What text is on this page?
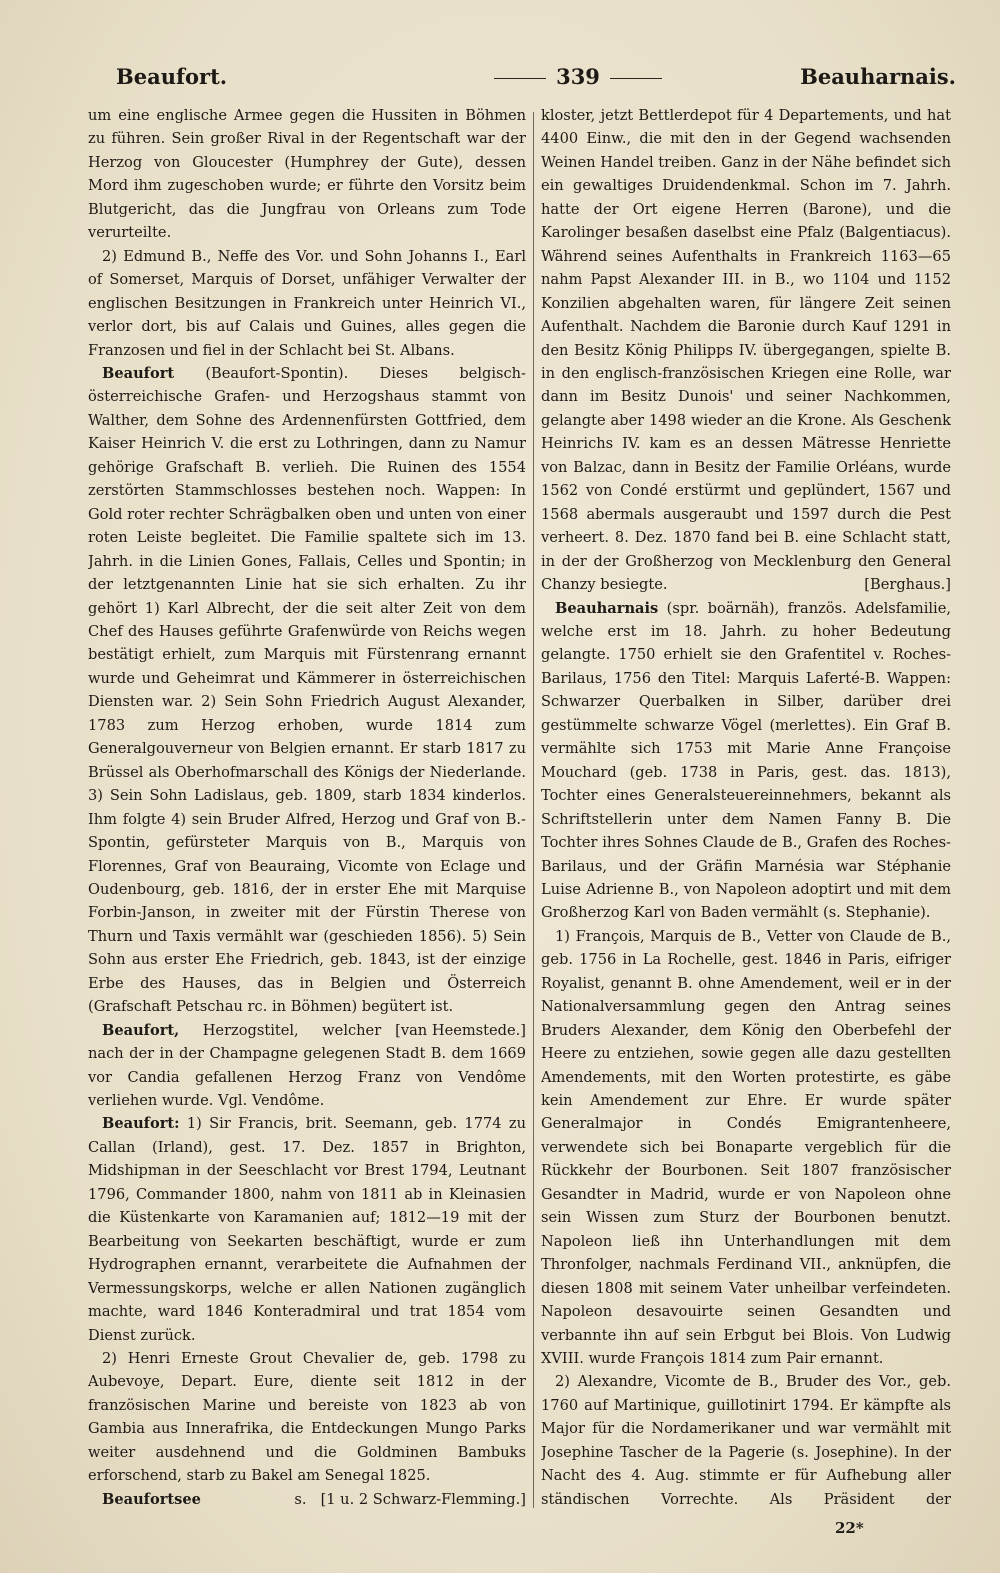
Beaufort.	339	Beauharnais.

um eine englische Armee gegen die Hussiten in Böhmen zu führen. Sein großer Rival in der Regentschaft war der Herzog von Gloucester (Humphrey der Gute), dessen Mord ihm zugeschoben wurde; er führte den Vorsitz beim Blutgericht, das die Jungfrau von Orleans zum Tode verurteilte.

2) Edmund B., Neffe des Vor. und Sohn Johanns I., Earl of Somerset, Marquis of Dorset, unfähiger Verwalter der englischen Besitzungen in Frankreich unter Heinrich VI., verlor dort, bis auf Calais und Guines, alles gegen die Franzosen und fiel in der Schlacht bei St. Albans.

Beaufort (Beaufort-Spontin). Dieses belgisch-österreichische Grafen- und Herzogshaus stammt von Walther, dem Sohne des Ardennenfürsten Gottfried, dem Kaiser Heinrich V. die erst zu Lothringen, dann zu Namur gehörige Grafschaft B. verlieh. Die Ruinen des 1554 zerstörten Stammschlosses bestehen noch. Wappen: In Gold roter rechter Schrägbalken oben und unten von einer roten Leiste begleitet. Die Familie spaltete sich im 13. Jahrh. in die Linien Gones, Fallais, Celles und Spontin; in der letztgenannten Linie hat sie sich erhalten. Zu ihr gehört 1) Karl Albrecht, der die seit alter Zeit von dem Chef des Hauses geführte Grafenwürde von Reichs wegen bestätigt erhielt, zum Marquis mit Fürstenrang ernannt wurde und Geheimrat und Kämmerer in österreichischen Diensten war. 2) Sein Sohn Friedrich August Alexander, 1783 zum Herzog erhoben, wurde 1814 zum Generalgouverneur von Belgien ernannt. Er starb 1817 zu Brüssel als Oberhofmarschall des Königs der Niederlande. 3) Sein Sohn Ladislaus, geb. 1809, starb 1834 kinderlos. Ihm folgte 4) sein Bruder Alfred, Herzog und Graf von B.-Spontin, gefürsteter Marquis von B., Marquis von Florennes, Graf von Beauraing, Vicomte von Eclage und Oudenbourg, geb. 1816, der in erster Ehe mit Marquise Forbin-Janson, in zweiter mit der Fürstin Therese von Thurn und Taxis vermählt war (geschieden 1856). 5) Sein Sohn aus erster Ehe Friedrich, geb. 1843, ist der einzige Erbe des Hauses, das in Belgien und Österreich (Grafschaft Petschau rc. in Böhmen) begütert ist.
[van Heemstede.]

Beaufort, Herzogstitel, welcher nach der in der Champagne gelegenen Stadt B. dem 1669 vor Candia gefallenen Herzog Franz von Vendôme verliehen wurde. Vgl. Vendôme.

Beaufort: 1) Sir Francis, brit. Seemann, geb. 1774 zu Callan (Irland), gest. 17. Dez. 1857 in Brighton, Midshipman in der Seeschlacht vor Brest 1794, Leutnant 1796, Commander 1800, nahm von 1811 ab in Kleinasien die Küstenkarte von Karamanien auf; 1812—19 mit der Bearbeitung von Seekarten beschäftigt, wurde er zum Hydrographen ernannt, verarbeitete die Aufnahmen der Vermessungskorps, welche er allen Nationen zugänglich machte, ward 1846 Konteradmiral und trat 1854 vom Dienst zurück.

2) Henri Erneste Grout Chevalier de, geb. 1798 zu Aubevoye, Depart. Eure, diente seit 1812 in der französischen Marine und bereiste von 1823 ab von Gambia aus Innerafrika, die Entdeckungen Mungo Parks weiter ausdehnend und die Goldminen Bambuks erforschend, starb zu Bakel am Senegal 1825.
[1 u. 2 Schwarz-Flemming.]

Beaufortsee	s.

kloster, jetzt Bettlerdepot für 4 Departements, und hat 4400 Einw., die mit den in der Gegend wachsenden Weinen Handel treiben. Ganz in der Nähe befindet sich ein gewaltiges Druidendenkmal. Schon im 7. Jahrh. hatte der Ort eigene Herren (Barone), und die Karolinger besaßen daselbst eine Pfalz (Balgentiacus). Während seines Aufenthalts in Frankreich 1163—65 nahm Papst Alexander III. in B., wo 1104 und 1152 Konzilien abgehalten waren, für längere Zeit seinen Aufenthalt. Nachdem die Baronie durch Kauf 1291 in den Besitz König Philipps IV. übergegangen, spielte B. in den englisch-französischen Kriegen eine Rolle, war dann im Besitz Dunois' und seiner Nachkommen, gelangte aber 1498 wieder an die Krone. Als Geschenk Heinrichs IV. kam es an dessen Mätresse Henriette von Balzac, dann in Besitz der Familie Orléans, wurde 1562 von Condé erstürmt und geplündert, 1567 und 1568 abermals ausgeraubt und 1597 durch die Pest verheert. 8. Dez. 1870 fand bei B. eine Schlacht statt, in der der Großherzog von Mecklenburg den General Chanzy besiegte.	[Berghaus.]

Beauharnais (spr. boärnäh), französ. Adelsfamilie, welche erst im 18. Jahrh. zu hoher Bedeutung gelangte. 1750 erhielt sie den Grafentitel v. Roches-Barilaus, 1756 den Titel: Marquis Laferté-B. Wappen: Schwarzer Querbalken in Silber, darüber drei gestümmelte schwarze Vögel (merlettes). Ein Graf B. vermählte sich 1753 mit Marie Anne Françoise Mouchard (geb. 1738 in Paris, gest. das. 1813), Tochter eines Generalsteuereinnehmers, bekannt als Schriftstellerin unter dem Namen Fanny B. Die Tochter ihres Sohnes Claude de B., Grafen des Roches-Barilaus, und der Gräfin Marnésia war Stéphanie Luise Adrienne B., von Napoleon adoptirt und mit dem Großherzog Karl von Baden vermählt (s. Stephanie).

1) François, Marquis de B., Vetter von Claude de B., geb. 1756 in La Rochelle, gest. 1846 in Paris, eifriger Royalist, genannt B. ohne Amendement, weil er in der Nationalversammlung gegen den Antrag seines Bruders Alexander, dem König den Oberbefehl der Heere zu entziehen, sowie gegen alle dazu gestellten Amendements, mit den Worten protestirte, es gäbe kein Amendement zur Ehre. Er wurde später Generalmajor in Condés Emigrantenheere, verwendete sich bei Bonaparte vergeblich für die Rückkehr der Bourbonen. Seit 1807 französischer Gesandter in Madrid, wurde er von Napoleon ohne sein Wissen zum Sturz der Bourbonen benutzt. Napoleon ließ ihn Unterhandlungen mit dem Thronfolger, nachmals Ferdinand VII., anknüpfen, die diesen 1808 mit seinem Vater unheilbar verfeindeten. Napoleon desavouirte seinen Gesandten und verbannte ihn auf sein Erbgut bei Blois. Von Ludwig XVIII. wurde François 1814 zum Pair ernannt.

2) Alexandre, Vicomte de B., Bruder des Vor., geb. 1760 auf Martinique, guillotinirt 1794. Er kämpfte als Major für die Nordamerikaner und war vermählt mit Josephine Tascher de la Pagerie (s. Josephine). In der Nacht des 4. Aug. stimmte er für Aufhebung aller ständischen Vorrechte. Als Präsident der

22*
